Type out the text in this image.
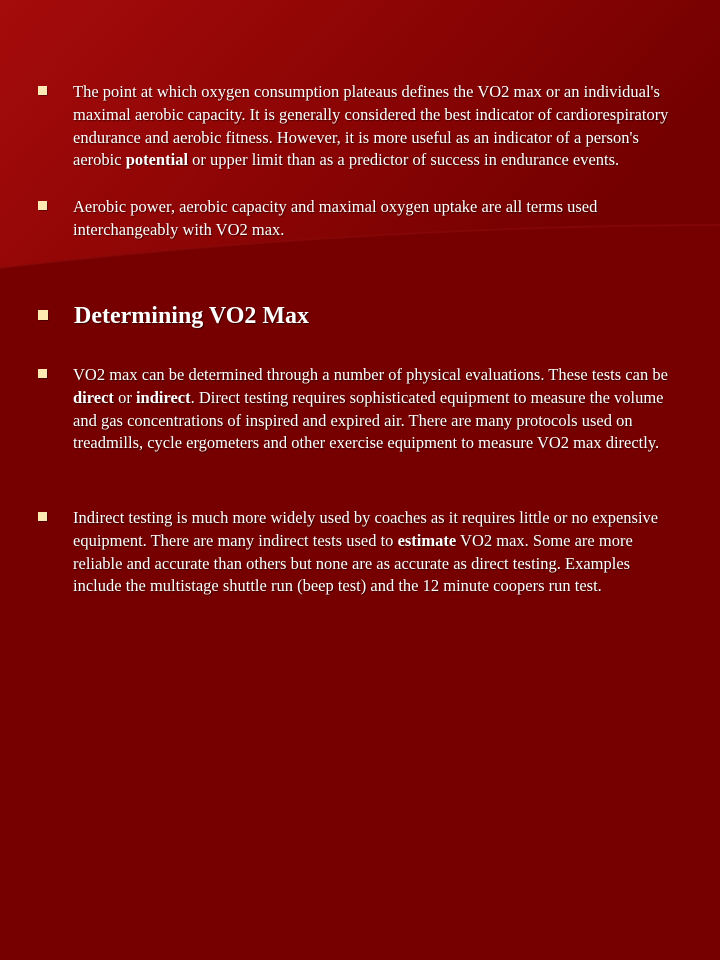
The point at which oxygen consumption plateaus defines the VO2 max or an individual's maximal aerobic capacity. It is generally considered the best indicator of cardiorespiratory endurance and aerobic fitness. However, it is more useful as an indicator of a person's aerobic potential or upper limit than as a predictor of success in endurance events.
Aerobic power, aerobic capacity and maximal oxygen uptake are all terms used interchangeably with VO2 max.
Determining VO2 Max
VO2 max can be determined through a number of physical evaluations. These tests can be direct or indirect. Direct testing requires sophisticated equipment to measure the volume and gas concentrations of inspired and expired air. There are many protocols used on treadmills, cycle ergometers and other exercise equipment to measure VO2 max directly.
Indirect testing is much more widely used by coaches as it requires little or no expensive equipment. There are many indirect tests used to estimate VO2 max. Some are more reliable and accurate than others but none are as accurate as direct testing. Examples include the multistage shuttle run (beep test) and the 12 minute coopers run test.
